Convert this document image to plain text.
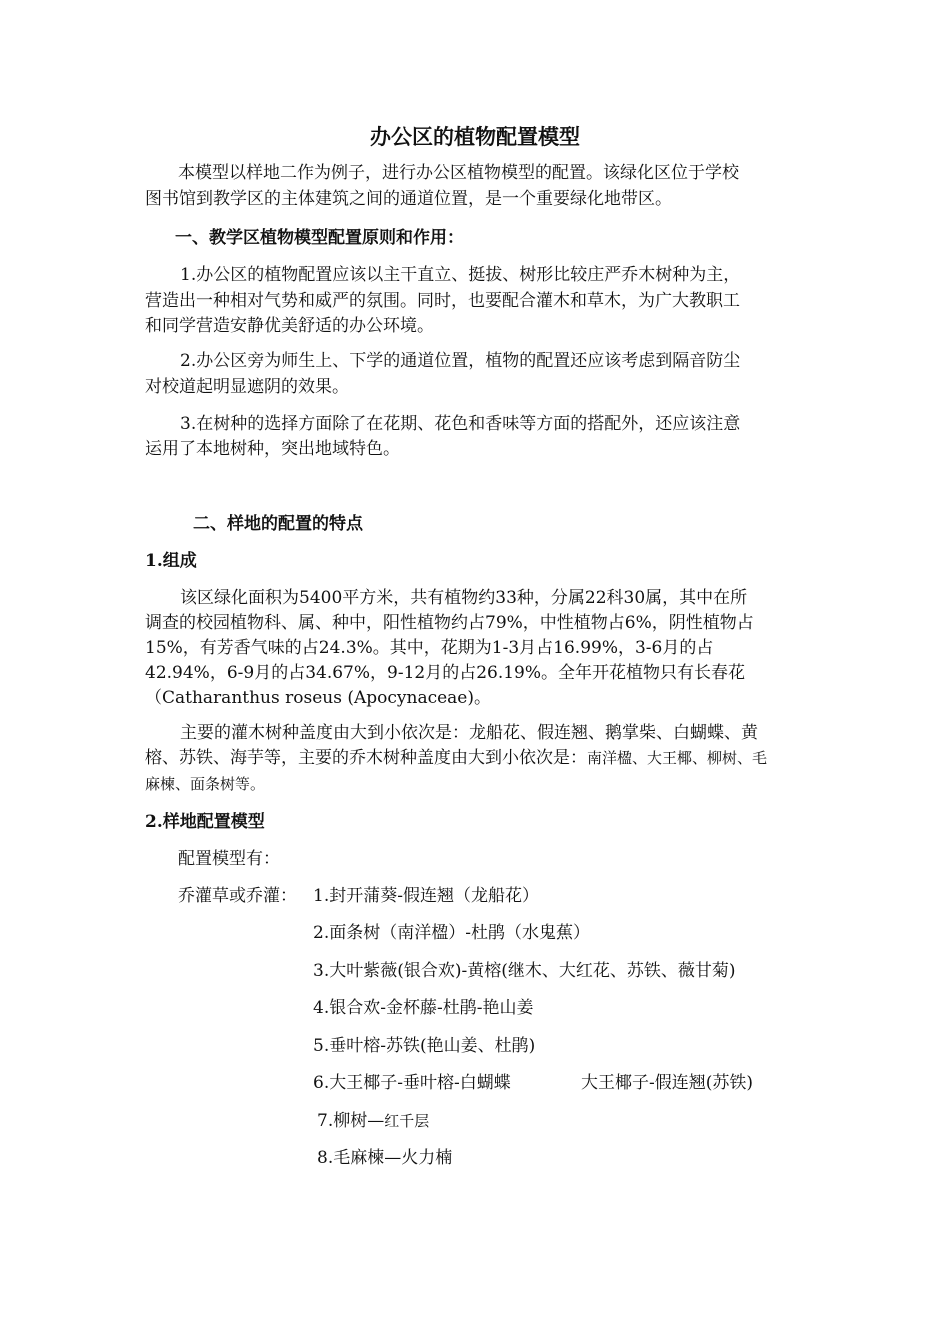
办公区的植物配置模型
本模型以样地二作为例子，进行办公区植物模型的配置。该绿化区位于学校
图书馆到教学区的主体建筑之间的通道位置，是一个重要绿化地带区。
一、教学区植物模型配置原则和作用：
1.办公区的植物配置应该以主干直立、挺拔、树形比较庄严乔木树种为主，
营造出一种相对气势和威严的氛围。同时，也要配合灌木和草木，为广大教职工
和同学营造安静优美舒适的办公环境。
2.办公区旁为师生上、下学的通道位置，植物的配置还应该考虑到隔音防尘
对校道起明显遮阴的效果。
3.在树种的选择方面除了在花期、花色和香味等方面的搭配外，还应该注意
运用了本地树种，突出地域特色。
二、样地的配置的特点
1.组成
该区绿化面积为5400平方米，共有植物约33种，分属22科30属，其中在所
调查的校园植物科、属、种中，阳性植物约占79%，中性植物占6%，阴性植物占
15%，有芳香气味的占24.3%。其中，花期为1-3月占16.99%，3-6月的占
42.94%，6-9月的占34.67%，9-12月的占26.19%。全年开花植物只有长春花
（Catharanthus roseus (Apocynaceae)。
主要的灌木树种盖度由大到小依次是：龙船花、假连翘、鹅掌柴、白蝴蝶、黄
榕、苏铁、海芋等，主要的乔木树种盖度由大到小依次是：南洋楹、大王椰、柳树、毛
麻楝、面条树等。
2.样地配置模型
配置模型有：
乔灌草或乔灌： 1.封开蒲葵-假连翘（龙船花）
2.面条树（南洋楹）-杜鹃（水鬼蕉）
3.大叶紫薇(银合欢)-黄榕(继木、大红花、苏铁、薇甘菊)
4.银合欢-金杯藤-杜鹃-艳山姜
5.垂叶榕-苏铁(艳山姜、杜鹃)
6.大王椰子-垂叶榕-白蝴蝶	大王椰子-假连翘(苏铁)
7.柳树—红千层
8.毛麻楝—火力楠
